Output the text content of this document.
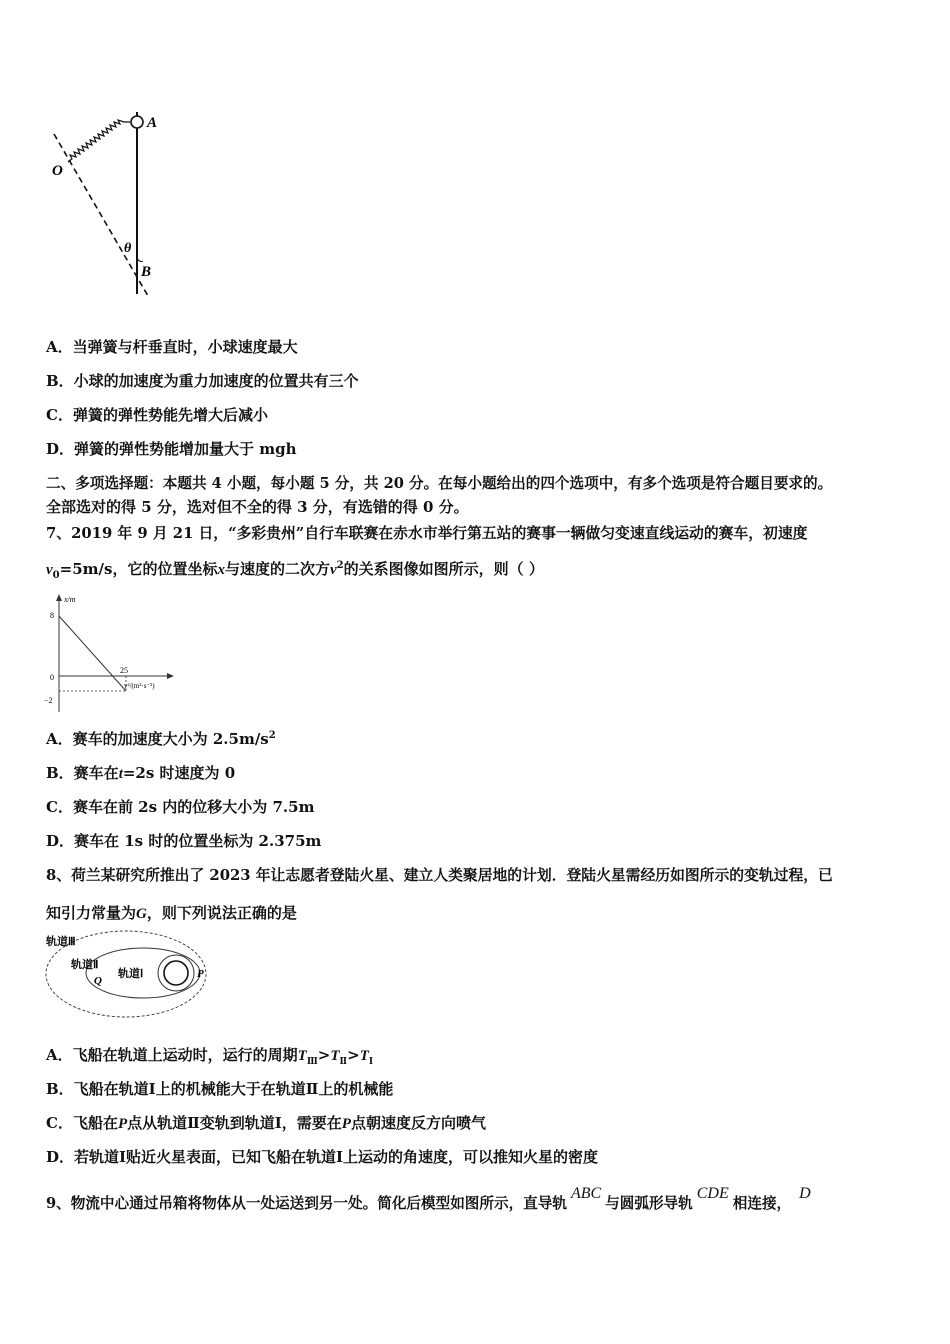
A
O
θ
B
A．当弹簧与杆垂直时，小球速度最大
B．小球的加速度为重力加速度的位置共有三个
C．弹簧的弹性势能先增大后减小
D．弹簧的弹性势能增加量大于 mgh
二、多项选择题：本题共 4 小题，每小题 5 分，共 20 分。在每小题给出的四个选项中，有多个选项是符合题目要求的。
全部选对的得 5 分，选对但不全的得 3 分，有选错的得 0 分。
7、2019 年 9 月 21 日，“多彩贵州”自行车联赛在赤水市举行第五站的赛事一辆做匀变速直线运动的赛车，初速度
$v_0=5m/s$，它的位置坐标x与速度的二次方$v^2$的关系图像如图所示，则（ ）
x/m
v²/(m²·s⁻²)
8
0
−2
25
A．赛车的加速度大小为 $2.5m/s^2$
B．赛车在t=2s 时速度为 0
C．赛车在前 2s 内的位移大小为 7.5m
D．赛车在 1s 时的位置坐标为 2.375m
8、荷兰某研究所推出了 2023 年让志愿者登陆火星、建立人类聚居地的计划．登陆火星需经历如图所示的变轨过程，已
知引力常量为G，则下列说法正确的是
轨道Ⅲ
轨道Ⅱ
轨道Ⅰ
Q
P
A．飞船在轨道上运动时，运行的周期$T_Ⅲ>T_Ⅱ>T_Ⅰ$
B．飞船在轨道Ⅰ上的机械能大于在轨道Ⅱ上的机械能
C．飞船在P点从轨道Ⅱ变轨到轨道Ⅰ，需要在P点朝速度反方向喷气
D．若轨道Ⅰ贴近火星表面，已知飞船在轨道Ⅰ上运动的角速度，可以推知火星的密度
9、物流中心通过吊箱将物体从一处运送到另一处。简化后模型如图所示，直导轨ABC与圆弧形导轨CDE相连接，D
